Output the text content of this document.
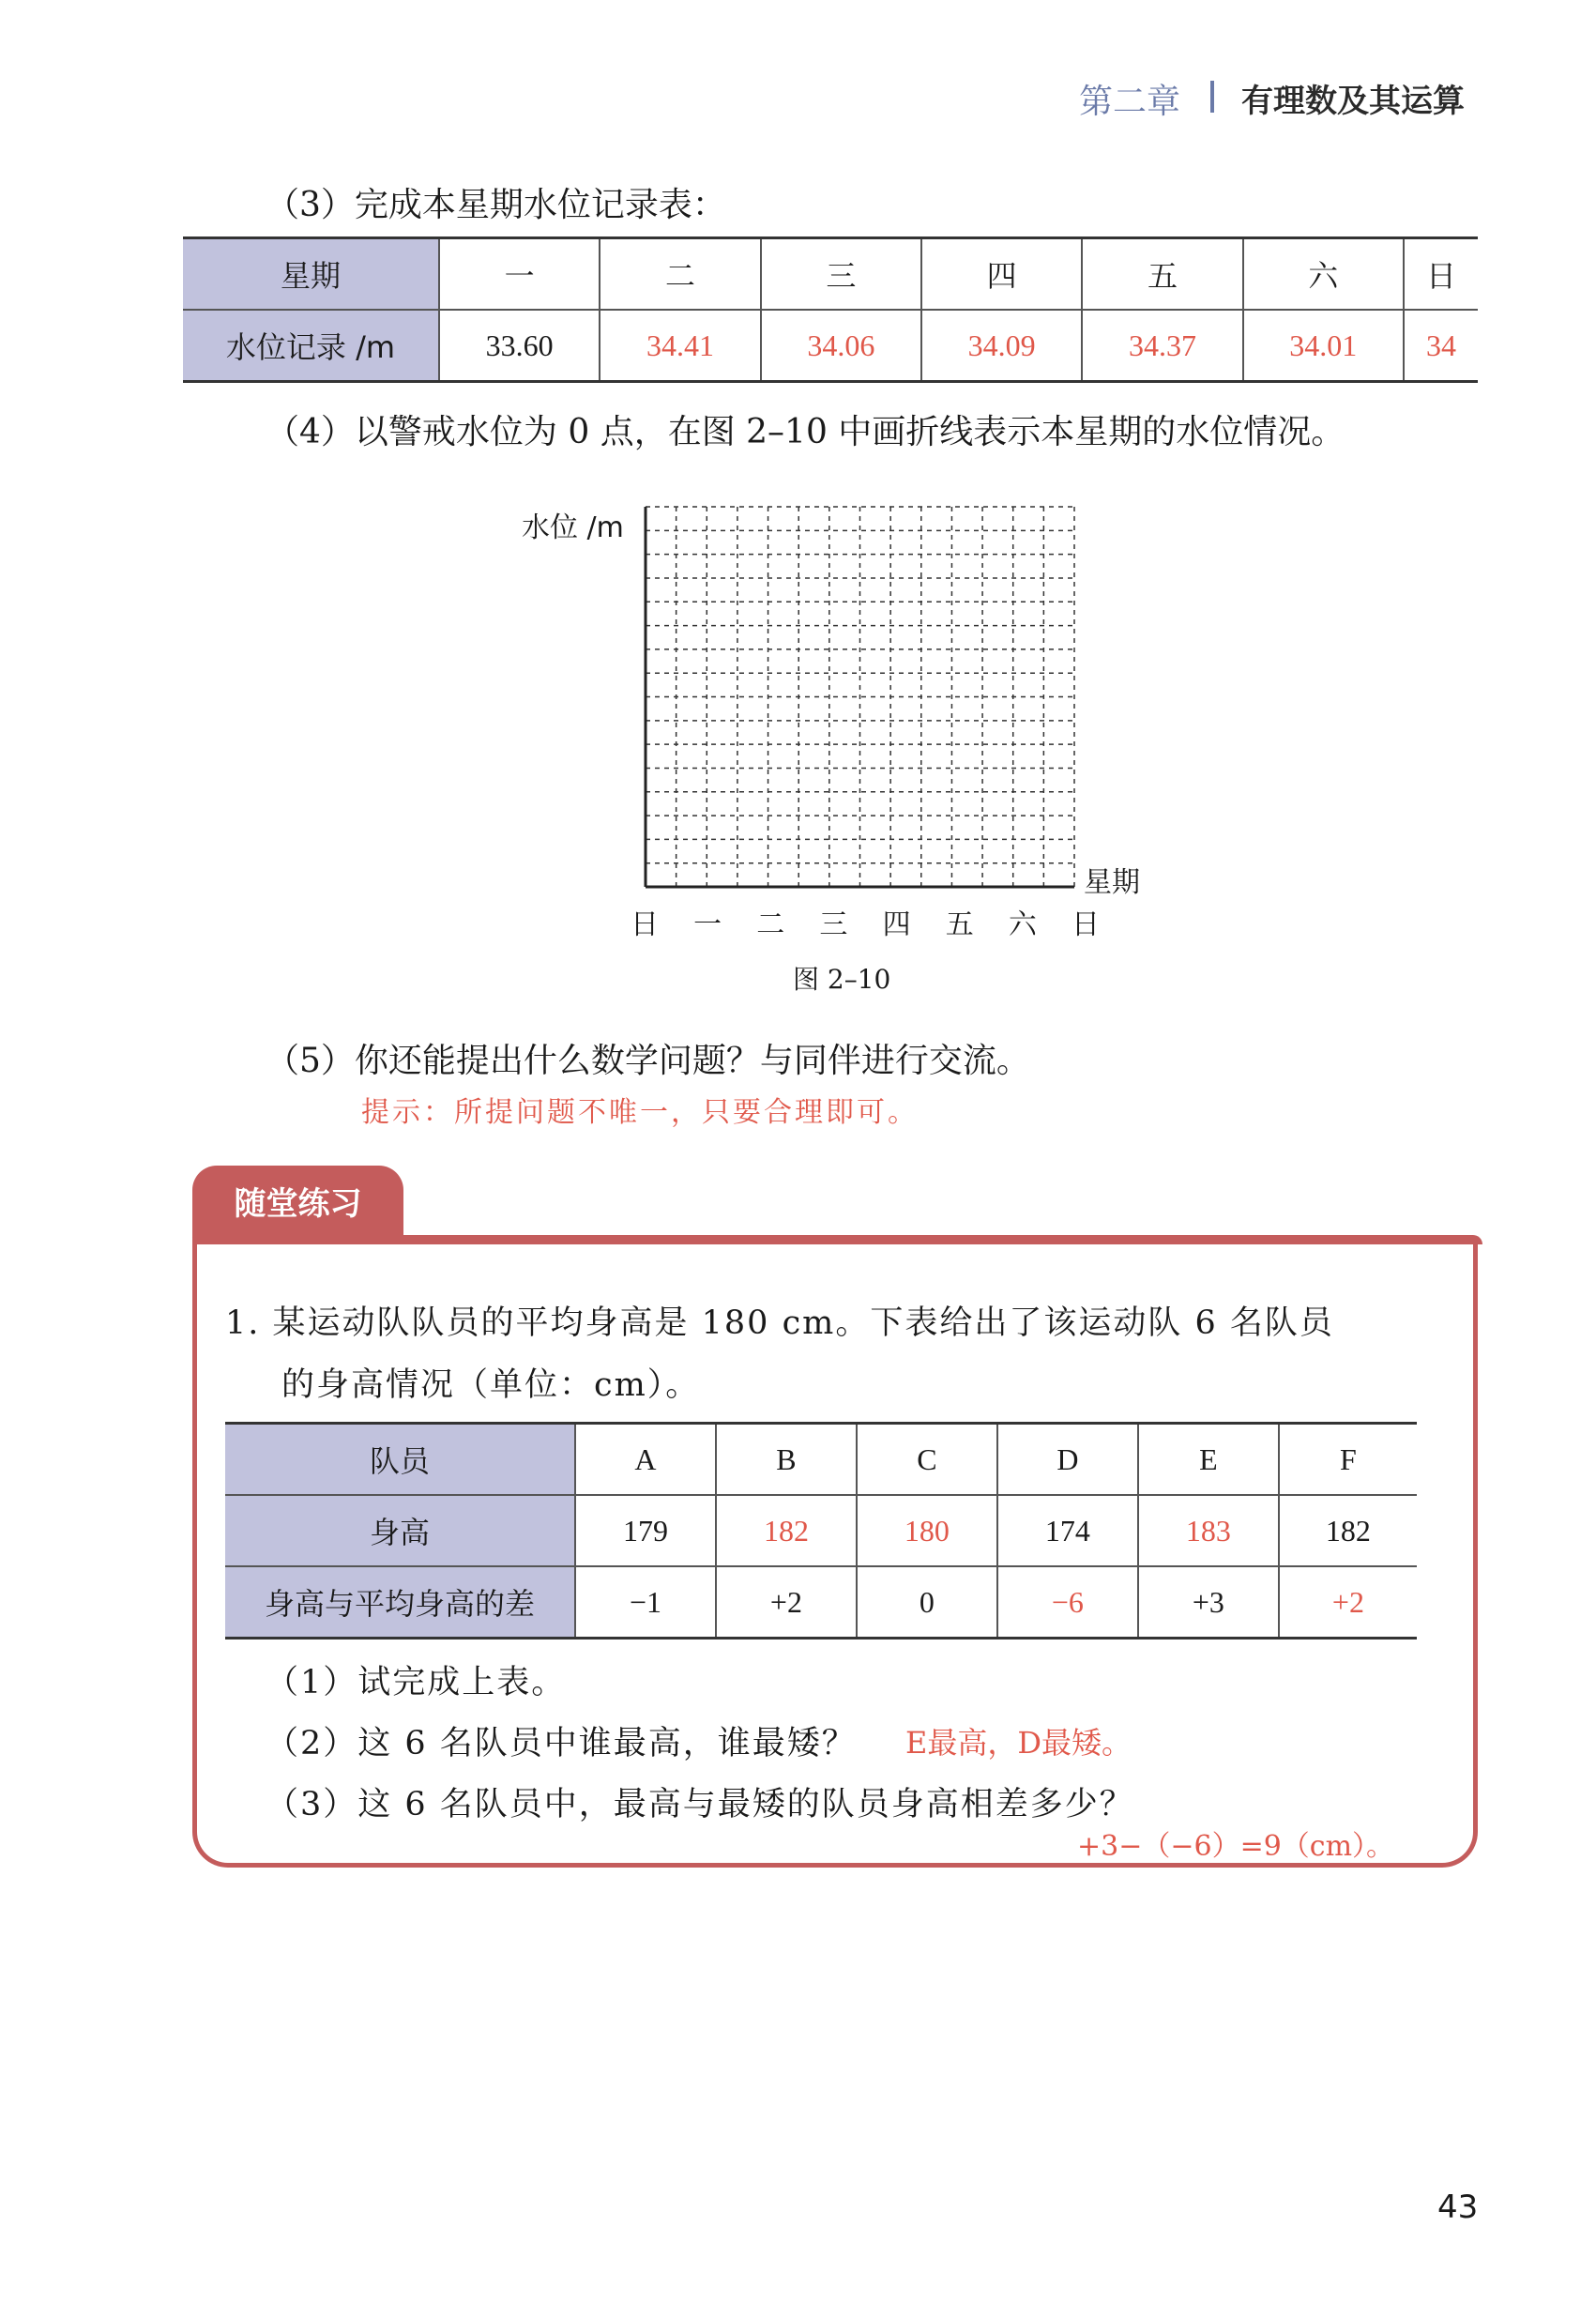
第二章 有理数及其运算
（3）完成本星期水位记录表：
星期	一	二	三	四	五	六	日
水位记录 /m	33.60	34.41	34.06	34.09	34.37	34.01	34
（4）以警戒水位为 0 点，在图 2–10 中画折线表示本星期的水位情况。
水位 /m
星期
日 一 二 三 四 五 六 日
图 2–10
（5）你还能提出什么数学问题？与同伴进行交流。
提示：所提问题不唯一，只要合理即可。
随堂练习
1. 某运动队队员的平均身高是 180 cm。下表给出了该运动队 6 名队员
的身高情况（单位：cm）。
队员	A	B	C	D	E	F
身高	179	182	180	174	183	182
身高与平均身高的差	−1	+2	0	−6	+3	+2
（1）试完成上表。
（2）这 6 名队员中谁最高，谁最矮？ E最高，D最矮。
（3）这 6 名队员中，最高与最矮的队员身高相差多少？
+3−（−6）=9（cm）。
43
